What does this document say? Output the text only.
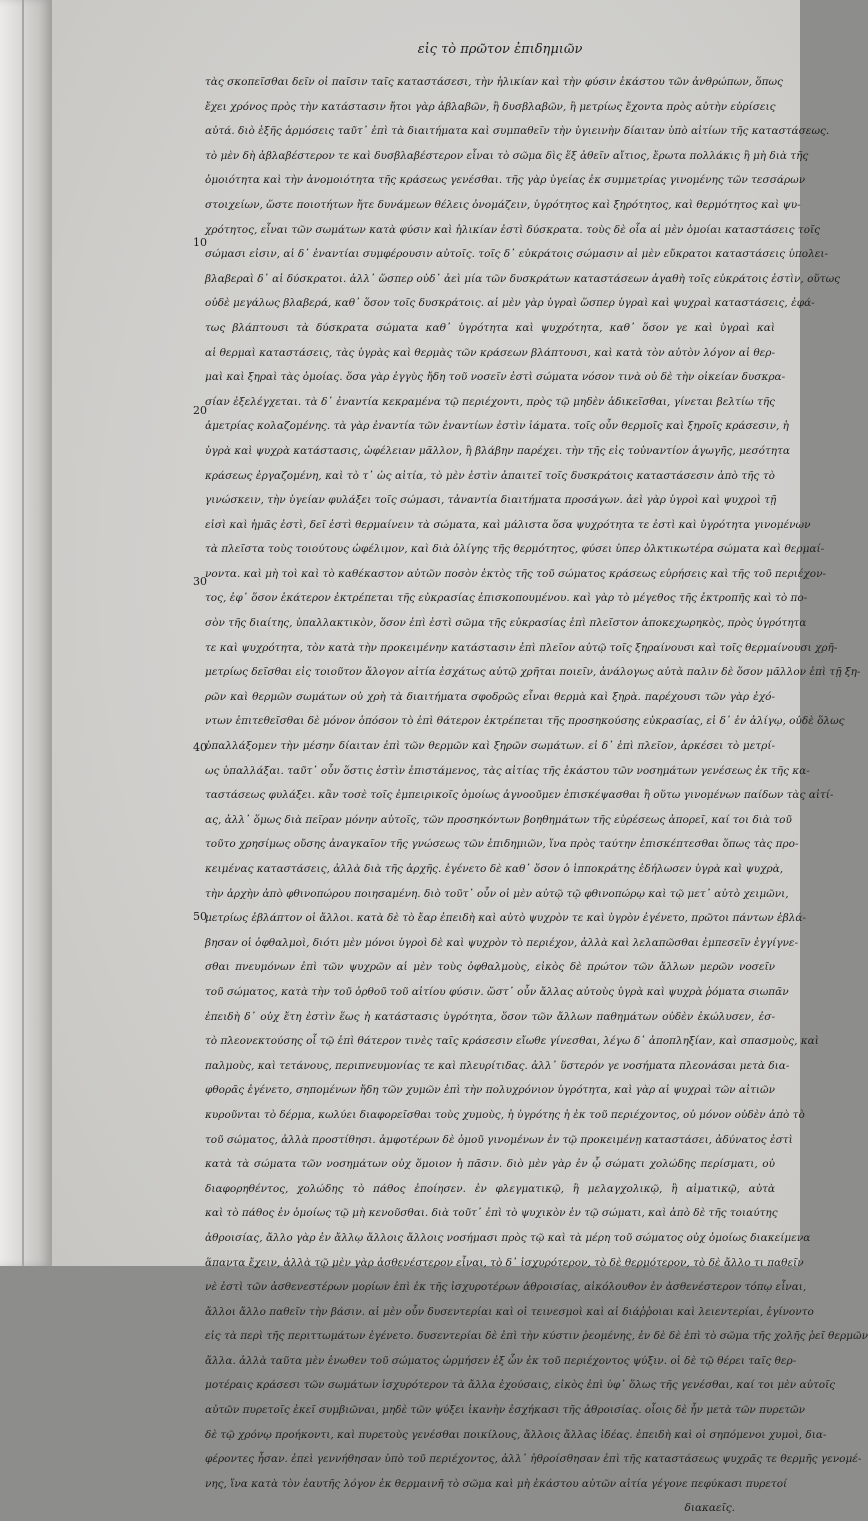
εἰς τὸ πρῶτον ἐπιδημιῶν
10
20
30
40
50
τὰς σκοπεῖσθαι δεῖν οἱ παῖσιν ταῖς καταστάσεσι, τὴν ἡλικίαν καὶ τὴν φύσιν ἑκάστου τῶν ἀνθρώπων, ὅπως
ἔχει χρόνος πρὸς τὴν κατάστασιν ἤτοι γὰρ ἀβλαβῶν, ἢ δυσβλαβῶν, ἢ μετρίως ἔχοντα πρὸς αὐτὴν εὑρίσεις
αὐτά. διὸ ἑξῆς ἁρμόσεις ταῦτ᾽ ἐπὶ τὰ διαιτήματα καὶ συμπαθεῖν τὴν ὑγιεινὴν δίαιταν ὑπὸ αἰτίων τῆς καταστάσεως.
τὸ μὲν δὴ ἀβλαβέστερον τε καὶ δυσβλαβέστερον εἶναι τὸ σῶμα δὶς ἕξ ἀθεῖν αἴτιος, ἔρωτα πολλάκις ἢ μὴ διὰ τῆς
ὁμοιότητα καὶ τὴν ἀνομοιότητα τῆς κράσεως γενέσθαι. τῆς γὰρ ὑγείας ἐκ συμμετρίας γινομένης τῶν τεσσάρων
στοιχείων, ὥστε ποιοτήτων ἤτε δυνάμεων θέλεις ὀνομάζειν, ὑγρότητος καὶ ξηρότητος, καὶ θερμότητος καὶ ψυ-
χρότητος, εἶναι τῶν σωμάτων κατὰ φύσιν καὶ ἡλικίαν ἐστὶ δύσκρατα. τοὺς δὲ οἷα αἱ μὲν ὁμοίαι καταστάσεις τοῖς
σώμασι εἰσιν, αἱ δ᾽ ἐναντίαι συμφέρουσιν αὐτοῖς. τοῖς δ᾽ εὐκράτοις σώμασιν αἱ μὲν εὔκρατοι καταστάσεις ὑπολει-
βλαβεραὶ δ᾽ αἱ δύσκρατοι. ἀλλ᾽ ὥσπερ οὐδ᾽ ἀεὶ μία τῶν δυσκράτων καταστάσεων ἀγαθὴ τοῖς εὐκράτοις ἐστὶν, οὕτως
οὐδὲ μεγάλως βλαβερά, καθ᾽ ὅσον τοῖς δυσκράτοις. αἱ μὲν γὰρ ὑγραὶ ὥσπερ ὑγραὶ καὶ ψυχραὶ καταστάσεις, ἐφά-
τως βλάπτουσι τὰ δύσκρατα σώματα καθ᾽ ὑγρότητα καὶ ψυχρότητα, καθ᾽ ὅσον γε καὶ ὑγραὶ καὶ
αἱ θερμαὶ καταστάσεις, τὰς ὑγρὰς καὶ θερμὰς τῶν κράσεων βλάπτουσι, καὶ κατὰ τὸν αὐτὸν λόγον αἱ θερ-
μαὶ καὶ ξηραὶ τὰς ὁμοίας. ὅσα γὰρ ἐγγὺς ἤδη τοῦ νοσεῖν ἐστὶ σώματα νόσον τινὰ οὐ δὲ τὴν οἰκείαν δυσκρα-
σίαν ἐξελέγχεται. τὰ δ᾽ ἐναντία κεκραμένα τῷ περιέχοντι, πρὸς τῷ μηδὲν ἀδικεῖσθαι, γίνεται βελτίω τῆς
ἀμετρίας κολαζομένης. τὰ γὰρ ἐναντία τῶν ἐναντίων ἐστὶν ἰάματα. τοῖς οὖν θερμοῖς καὶ ξηροῖς κράσεσιν, ἡ
ὑγρὰ καὶ ψυχρὰ κατάστασις, ὠφέλειαν μᾶλλον, ἢ βλάβην παρέχει. τὴν τῆς εἰς τοὐναντίον ἀγωγῆς, μεσότητα
κράσεως ἐργαζομένη, καὶ τὸ τ᾽ ὡς αἰτία, τὸ μὲν ἐστὶν ἀπαιτεῖ τοῖς δυσκράτοις καταστάσεσιν ἀπὸ τῆς τὸ
γινώσκειν, τὴν ὑγείαν φυλάξει τοῖς σώμασι, τἀναντία διαιτήματα προσάγων. ἀεὶ γὰρ ὑγροὶ καὶ ψυχροὶ τῇ
εἰσὶ καὶ ἡμᾶς ἐστὶ, δεῖ ἐστὶ θερμαίνειν τὰ σώματα, καὶ μάλιστα ὅσα ψυχρότητα τε ἐστὶ καὶ ὑγρότητα γινομένων
τὰ πλεῖστα τοὺς τοιούτους ὠφέλιμον, καὶ διὰ ὀλίγης τῆς θερμότητος, φύσει ὑπερ ὁλκτικωτέρα σώματα καὶ θερμαί-
νοντα. καὶ μὴ τοὶ καὶ τὸ καθέκαστον αὐτῶν ποσὸν ἐκτὸς τῆς τοῦ σώματος κράσεως εὑρήσεις καὶ τῆς τοῦ περιέχον-
τος, ἐφ᾽ ὅσον ἑκάτερον ἐκτρέπεται τῆς εὐκρασίας ἐπισκοπουμένου. καὶ γὰρ τὸ μέγεθος τῆς ἐκτροπῆς καὶ τὸ πο-
σὸν τῆς διαίτης, ὑπαλλακτικὸν, ὅσον ἐπὶ ἐστὶ σῶμα τῆς εὐκρασίας ἐπὶ πλεῖστον ἀποκεχωρηκὸς, πρὸς ὑγρότητα
τε καὶ ψυχρότητα, τὸν κατὰ τὴν προκειμένην κατάστασιν ἐπὶ πλεῖον αὐτῷ τοῖς ξηραίνουσι καὶ τοῖς θερμαίνουσι χρῆ-
μετρίως δεῖσθαι εἰς τοιοῦτον ἄλογον αἰτία ἐσχάτως αὐτῷ χρῆται ποιεῖν, ἀνάλογως αὐτὰ παλιν δὲ ὅσον μᾶλλον ἐπὶ τῇ ξη-
ρῶν καὶ θερμῶν σωμάτων οὐ χρὴ τὰ διαιτήματα σφοδρῶς εἶναι θερμὰ καὶ ξηρὰ. παρέχουσι τῶν γὰρ ἐχό-
ντων ἐπιτεθεῖσθαι δὲ μόνον ὁπόσον τὸ ἐπὶ θάτερον ἐκτρέπεται τῆς προσηκούσης εὐκρασίας, εἰ δ᾽ ἐν ἀλίγῳ, οὐδὲ ὅλως
ὑπαλλάξομεν τὴν μέσην δίαιταν ἐπὶ τῶν θερμῶν καὶ ξηρῶν σωμάτων. εἰ δ᾽ ἐπὶ πλεῖον, ἀρκέσει τὸ μετρί-
ως ὑπαλλάξαι. ταῦτ᾽ οὖν ὅστις ἐστὶν ἐπιστάμενος, τὰς αἰτίας τῆς ἑκάστου τῶν νοσημάτων γενέσεως ἐκ τῆς κα-
ταστάσεως φυλάξει. κἂν τοσὲ τοῖς ἐμπειρικοῖς ὁμοίως ἀγνοοῦμεν ἐπισκέψασθαι ἢ οὕτω γινομένων παίδων τὰς αἰτί-
ας, ἀλλ᾽ ὅμως διὰ πεῖραν μόνην αὐτοῖς, τῶν προσηκόντων βοηθημάτων τῆς εὑρέσεως ἀπορεῖ, καί τοι διὰ τοῦ
τοῦτο χρησίμως οὔσης ἀναγκαῖον τῆς γνώσεως τῶν ἐπιδημιῶν, ἵνα πρὸς ταύτην ἐπισκέπτεσθαι ὅπως τὰς προ-
κειμένας καταστάσεις, ἀλλὰ διὰ τῆς ἀρχῆς. ἐγένετο δὲ καθ᾽ ὅσον ὁ ἱπποκράτης ἐδήλωσεν ὑγρὰ καὶ ψυχρὰ,
τὴν ἀρχὴν ἀπὸ φθινοπώρου ποιησαμένη. διὸ τοῦτ᾽ οὖν οἱ μὲν αὐτῷ τῷ φθινοπώρῳ καὶ τῷ μετ᾽ αὐτὸ χειμῶνι,
μετρίως ἐβλάπτον οἱ ἄλλοι. κατὰ δὲ τὸ ἔαρ ἐπειδὴ καὶ αὐτὸ ψυχρὸν τε καὶ ὑγρὸν ἐγένετο, πρῶτοι πάντων ἐβλά-
βησαν οἱ ὀφθαλμοὶ, διότι μὲν μόνοι ὑγροὶ δὲ καὶ ψυχρὸν τὸ περιέχον, ἀλλὰ καὶ λελαπῶσθαι ἐμπεσεῖν ἐγγίγνε-
σθαι πνευμόνων ἐπὶ τῶν ψυχρῶν αἱ μὲν τοὺς ὀφθαλμοὺς, εἰκὸς δὲ πρώτον τῶν ἄλλων μερῶν νοσεῖν
τοῦ σώματος, κατὰ τὴν τοῦ ὀρθοῦ τοῦ αἰτίου φύσιν. ὥστ᾽ οὖν ἄλλας αὐτοὺς ὑγρὰ καὶ ψυχρὰ ῥόματα σιωπᾶν
ἐπειδὴ δ᾽ οὐχ ἔτη ἐστὶν ἕως ἡ κατάστασις ὑγρότητα, ὅσον τῶν ἄλλων παθημάτων οὐδὲν ἐκώλυσεν, ἐσ-
τὸ πλεονεκτούσης οἷ τῷ ἐπὶ θάτερον τινὲς ταῖς κράσεσιν εἴωθε γίνεσθαι, λέγω δ᾽ ἀποπληξίαν, καὶ σπασμοὺς, καὶ
παλμοὺς, καὶ τετάνους, περιπνευμονίας τε καὶ πλευρίτιδας. ἀλλ᾽ ὕστερόν γε νοσήματα πλεονάσαι μετὰ δια-
φθορᾶς ἐγένετο, σηπομένων ἤδη τῶν χυμῶν ἐπὶ τὴν πολυχρόνιον ὑγρότητα, καὶ γὰρ αἱ ψυχραὶ τῶν αἰτιῶν
κυροῦνται τὸ δέρμα, κωλύει διαφορεῖσθαι τοὺς χυμοὺς, ἡ ὑγρότης ἡ ἐκ τοῦ περιέχοντος, οὐ μόνον οὐδὲν ἀπὸ τὸ
τοῦ σώματος, ἀλλὰ προστίθησι. ἀμφοτέρων δὲ ὁμοῦ γινομένων ἐν τῷ προκειμένῃ καταστάσει, ἀδύνατος ἐστὶ
κατὰ τὰ σώματα τῶν νοσημάτων οὐχ ὅμοιον ἡ πᾶσιν. διὸ μὲν γὰρ ἐν ᾧ σώματι χολώδης περίσματι, οὐ
διαφορηθέντος, χολώδης τὸ πάθος ἐποίησεν. ἐν φλεγματικῷ, ἢ μελαγχολικῷ, ἢ αἱματικῷ, αὐτὰ
καὶ τὸ πάθος ἐν ὁμοίως τῷ μὴ κενοῦσθαι. διὰ τοῦτ᾽ ἐπὶ τὸ ψυχικὸν ἐν τῷ σώματι, καὶ ἀπὸ δὲ τῆς τοιαύτης
ἀθροισίας, ἄλλο γὰρ ἐν ἄλλῳ ἄλλοις ἄλλοις νοσήμασι πρὸς τῷ καὶ τὰ μέρη τοῦ σώματος οὐχ ὁμοίως διακείμενα
ἅπαντα ἔχειν, ἀλλὰ τῷ μὲν γὰρ ἀσθενέστερον εἶναι, τὸ δ᾽ ἰσχυρότερον, τὸ δὲ θερμότερον, τὸ δὲ ἄλλο τι παθεῖν
νὲ ἐστὶ τῶν ἀσθενεστέρων μορίων ἐπὶ ἐκ τῆς ἰσχυροτέρων ἀθροισίας, αἰκόλουθον ἐν ἀσθενέστερον τόπῳ εἶναι,
ἄλλοι ἄλλο παθεῖν τὴν βάσιν. αἱ μὲν οὖν δυσεντερίαι καὶ οἱ τεινεσμοὶ καὶ αἱ διάῤῥοιαι καὶ λειεντερίαι, ἐγίνοντο
εἰς τὰ περὶ τῆς περιττωμάτων ἐγένετο. δυσεντερίαι δὲ ἐπὶ τὴν κύστιν ῥεομένης, ἐν δὲ δὲ ἐπὶ τὸ σῶμα τῆς χολῆς ῥεῖ θερμῶν
ἄλλα. ἀλλὰ ταῦτα μὲν ἐνωθεν τοῦ σώματος ὡρμήσεν ἐξ ὧν ἐκ τοῦ περιέχοντος ψύξιν. οἱ δὲ τῷ θέρει ταῖς θερ-
μοτέραις κράσεσι τῶν σωμάτων ἰσχυρότερον τὰ ἄλλα ἐχούσαις, εἰκὸς ἐπὶ ὑφ᾽ ὅλως τῆς γενέσθαι, καί τοι μὲν αὐτοῖς
αὐτῶν πυρετοῖς ἐκεῖ συμβιῶναι, μηδὲ τῶν ψύξει ἱκανὴν ἐσχήκασι τῆς ἀθροισίας. οἷοις δὲ ἦν μετὰ τῶν πυρετῶν
δὲ τῷ χρόνῳ προήκοντι, καὶ πυρετοὺς γενέσθαι ποικίλους, ἄλλοις ἄλλας ἰδέας. ἐπειδὴ καὶ οἱ σηπόμενοι χυμοὶ, δια-
φέροντες ἦσαν. ἐπεὶ γεννήθησαν ὑπὸ τοῦ περιέχοντος, ἀλλ᾽ ἠθροίσθησαν ἐπὶ τῆς καταστάσεως ψυχρᾶς τε θερμῆς γενομέ-
νης, ἵνα κατὰ τὸν ἑαυτῆς λόγον ἐκ θερμαινῆ τὸ σῶμα καὶ μὴ ἑκάστου αὐτῶν αἰτία γέγονε πεφύκασι πυρετοί
διακαεῖς.
